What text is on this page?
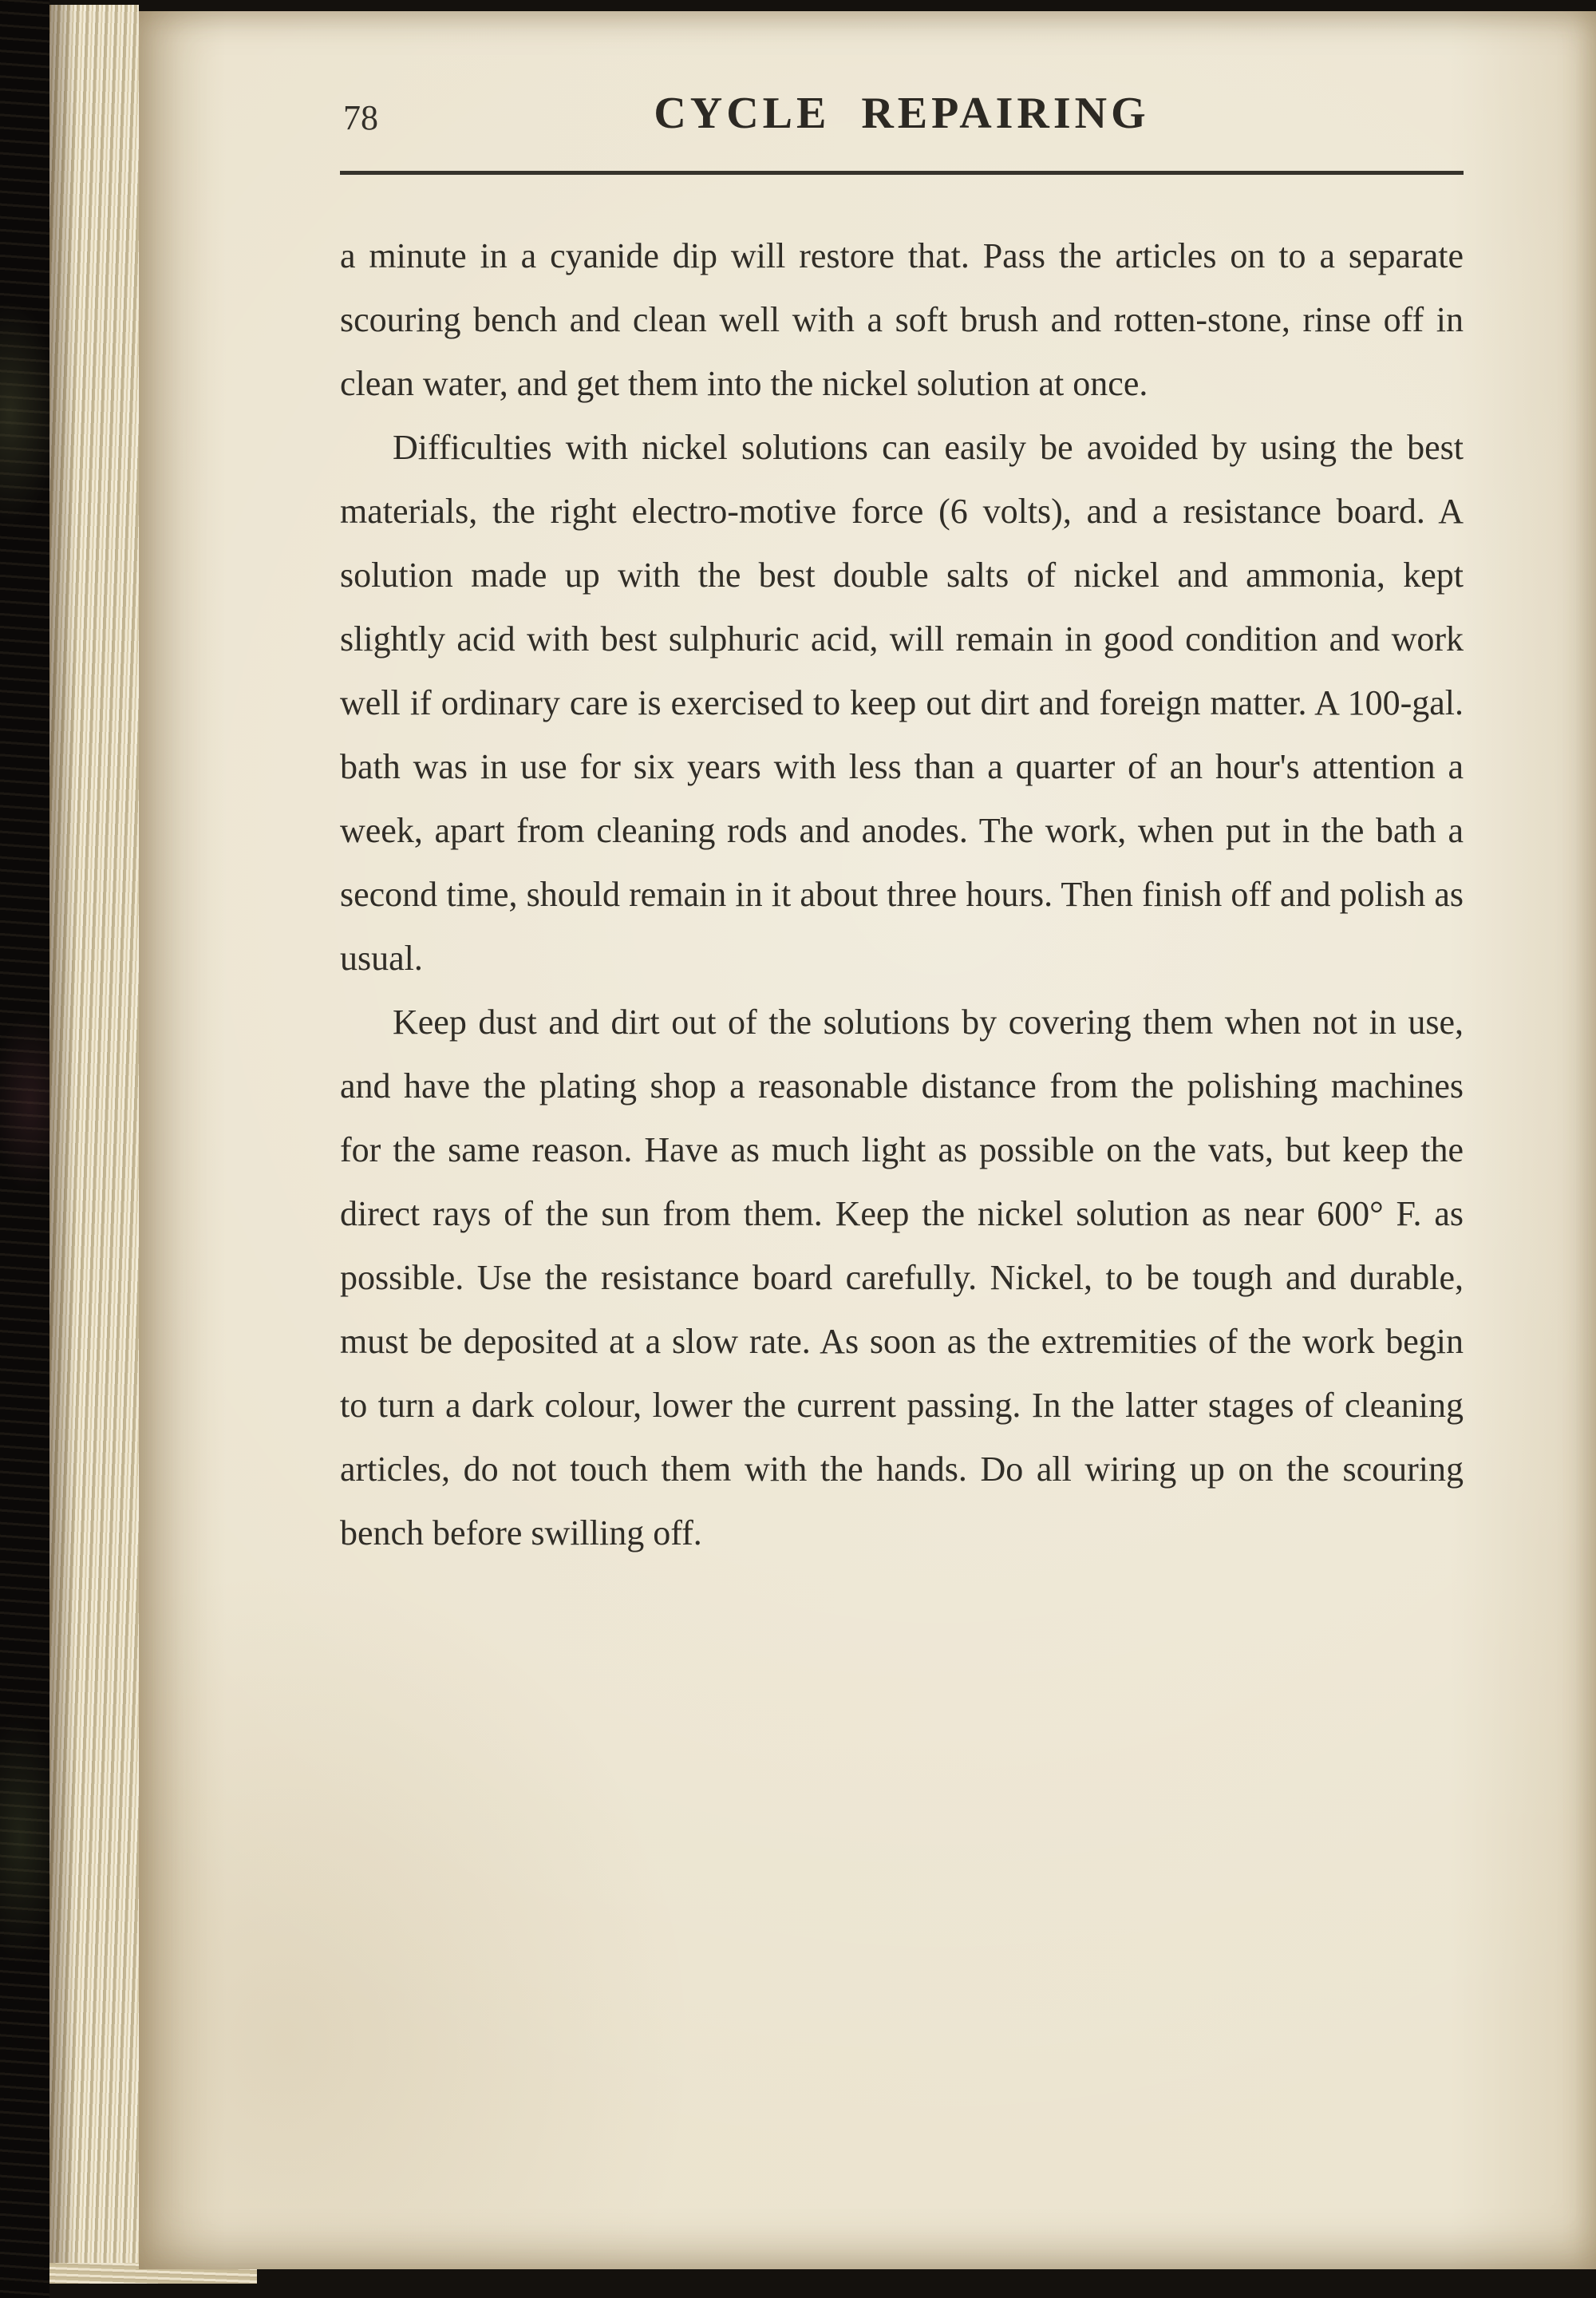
78	CYCLE REPAIRING

a minute in a cyanide dip will restore that. Pass the articles on to a separate scouring bench and clean well with a soft brush and rotten-stone, rinse off in clean water, and get them into the nickel solution at once.

Difficulties with nickel solutions can easily be avoided by using the best materials, the right electro-motive force (6 volts), and a resistance board. A solution made up with the best double salts of nickel and ammonia, kept slightly acid with best sulphuric acid, will remain in good condition and work well if ordinary care is exercised to keep out dirt and foreign matter. A 100-gal. bath was in use for six years with less than a quarter of an hour's attention a week, apart from cleaning rods and anodes. The work, when put in the bath a second time, should remain in it about three hours. Then finish off and polish as usual.

Keep dust and dirt out of the solutions by covering them when not in use, and have the plating shop a reasonable distance from the polishing machines for the same reason. Have as much light as possible on the vats, but keep the direct rays of the sun from them. Keep the nickel solution as near 600° F. as possible. Use the resistance board carefully. Nickel, to be tough and durable, must be deposited at a slow rate. As soon as the extremities of the work begin to turn a dark colour, lower the current passing. In the latter stages of cleaning articles, do not touch them with the hands. Do all wiring up on the scouring bench before swilling off.
